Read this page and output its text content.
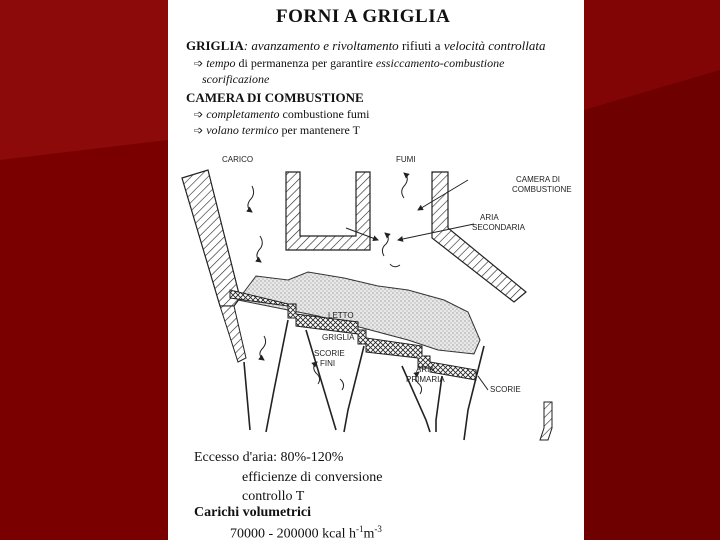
FORNI A GRIGLIA
GRIGLIA: avanzamento e rivoltamento rifiuti a velocità controllata
➩ tempo di permanenza per garantire essiccamento-combustione
scorificazione
CAMERA DI COMBUSTIONE
➩ completamento combustione fumi
➩ volano termico per mantenere T
CARICO	FUMI
CAMERA DI
COMBUSTIONE
ARIA
SECONDARIA
LETTO
GRIGLIA
SCORIE
FINI
ARIA
PRIMARIA
SCORIE
Eccesso d'aria: 80%-120%
efficienze di conversione
controllo T
Carichi volumetrici
70000 - 200000 kcal $h^{-1}m^{-3}$
